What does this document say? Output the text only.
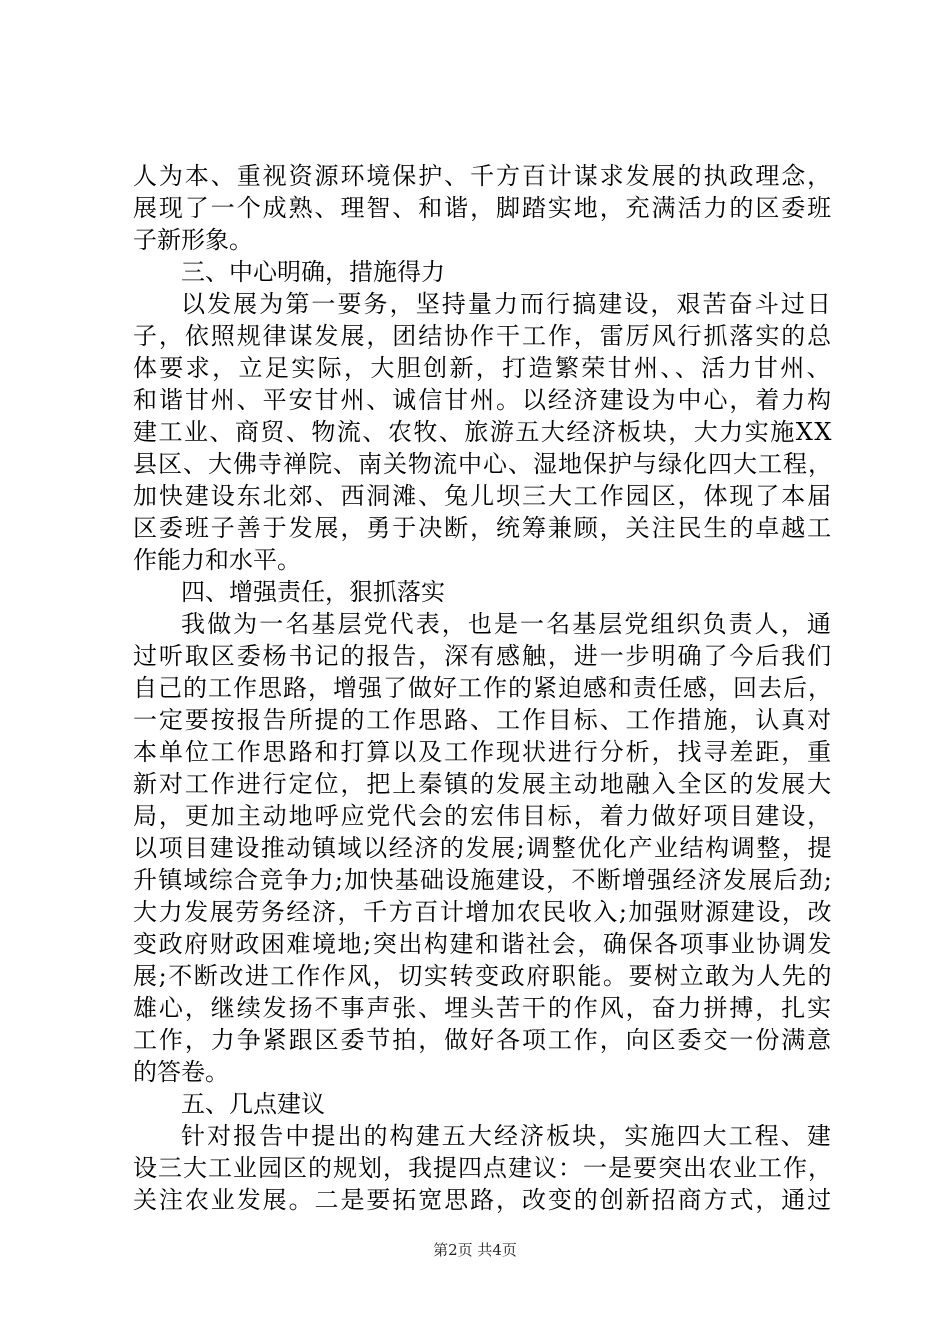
人为本、重视资源环境保护、千方百计谋求发展的执政理念，
展现了一个成熟、理智、和谐，脚踏实地，充满活力的区委班
子新形象。
三、中心明确，措施得力
以发展为第一要务，坚持量力而行搞建设，艰苦奋斗过日
子，依照规律谋发展，团结协作干工作，雷厉风行抓落实的总
体要求，立足实际，大胆创新，打造繁荣甘州、、活力甘州、
和谐甘州、平安甘州、诚信甘州。以经济建设为中心，着力构
建工业、商贸、物流、农牧、旅游五大经济板块，大力实施XX
县区、大佛寺禅院、南关物流中心、湿地保护与绿化四大工程，
加快建设东北郊、西洞滩、兔儿坝三大工作园区，体现了本届
区委班子善于发展，勇于决断，统筹兼顾，关注民生的卓越工
作能力和水平。
四、增强责任，狠抓落实
我做为一名基层党代表，也是一名基层党组织负责人，通
过听取区委杨书记的报告，深有感触，进一步明确了今后我们
自己的工作思路，增强了做好工作的紧迫感和责任感，回去后，
一定要按报告所提的工作思路、工作目标、工作措施，认真对
本单位工作思路和打算以及工作现状进行分析，找寻差距，重
新对工作进行定位，把上秦镇的发展主动地融入全区的发展大
局，更加主动地呼应党代会的宏伟目标，着力做好项目建设，
以项目建设推动镇域以经济的发展;调整优化产业结构调整，提
升镇域综合竞争力;加快基础设施建设，不断增强经济发展后劲;
大力发展劳务经济，千方百计增加农民收入;加强财源建设，改
变政府财政困难境地;突出构建和谐社会，确保各项事业协调发
展;不断改进工作作风，切实转变政府职能。要树立敢为人先的
雄心，继续发扬不事声张、埋头苦干的作风，奋力拼搏，扎实
工作，力争紧跟区委节拍，做好各项工作，向区委交一份满意
的答卷。
五、几点建议
针对报告中提出的构建五大经济板块，实施四大工程、建
设三大工业园区的规划，我提四点建议：一是要突出农业工作，
关注农业发展。二是要拓宽思路，改变的创新招商方式，通过
第2页 共4页
